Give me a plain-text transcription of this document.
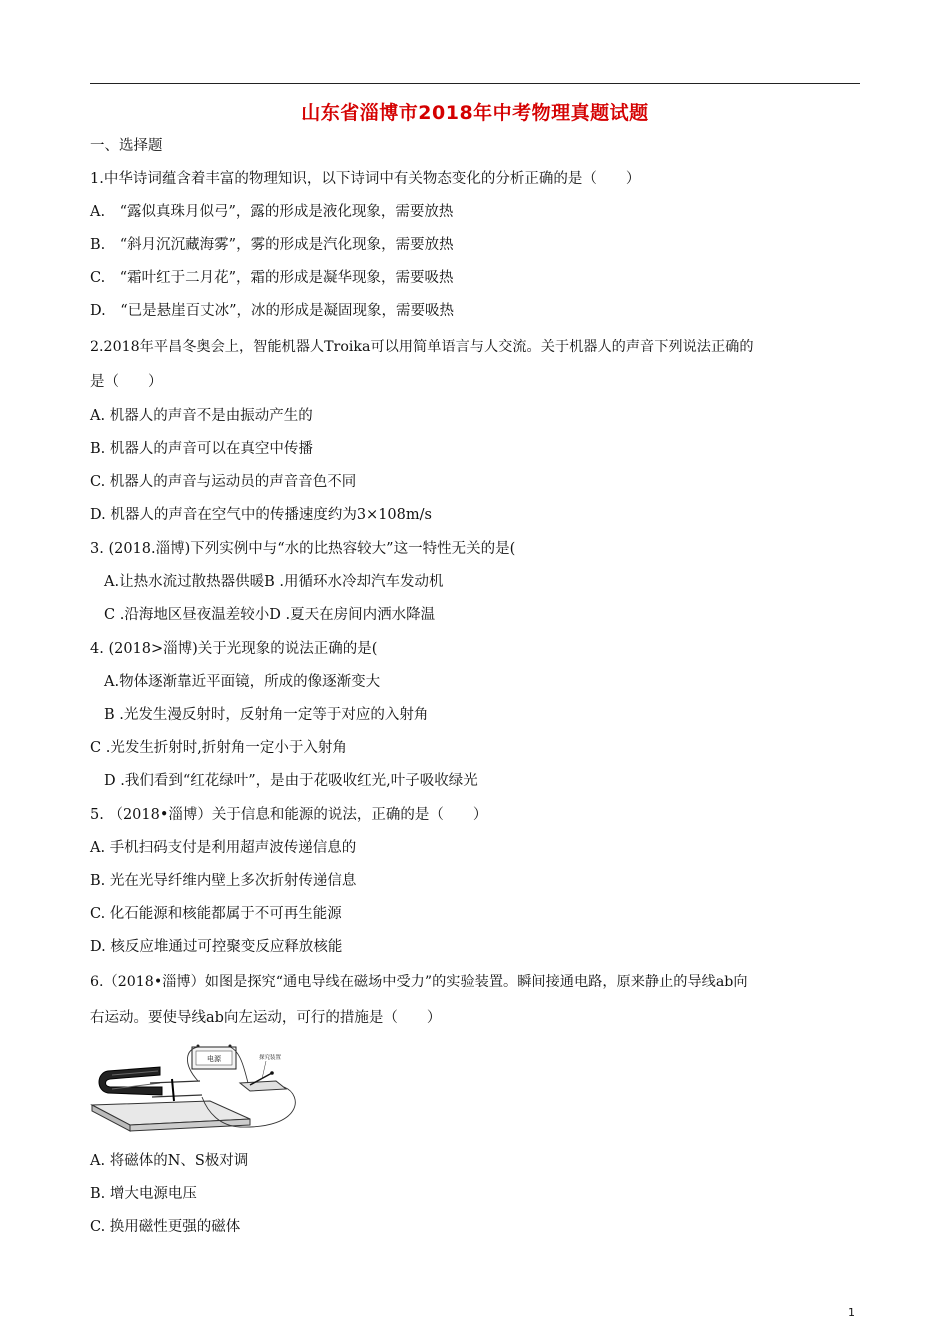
山东省淄博市2018年中考物理真题试题
一、选择题
1.中华诗词蕴含着丰富的物理知识，以下诗词中有关物态变化的分析正确的是（　　）
A.　“露似真珠月似弓”，露的形成是液化现象，需要放热
B.　“斜月沉沉藏海雾”，雾的形成是汽化现象，需要放热
C.　“霜叶红于二月花”，霜的形成是凝华现象，需要吸热
D.　“已是悬崖百丈冰”，冰的形成是凝固现象，需要吸热
2.2018年平昌冬奥会上，智能机器人Troika可以用简单语言与人交流。关于机器人的声音下列说法正确的
是（　　）
A. 机器人的声音不是由振动产生的
B. 机器人的声音可以在真空中传播
C. 机器人的声音与运动员的声音音色不同
D. 机器人的声音在空气中的传播速度约为3×108m/s
3. (2018.淄博)下列实例中与“水的比热容较大”这一特性无关的是(
A.让热水流过散热器供暖B .用循环水冷却汽车发动机
C .沿海地区昼夜温差较小D .夏天在房间内洒水降温
4. (2018>淄博)关于光现象的说法正确的是(
A.物体逐渐靠近平面镜，所成的像逐渐变大
B .光发生漫反射时，反射角一定等于对应的入射角
C .光发生折射时,折射角一定小于入射角
D .我们看到“红花绿叶”，是由于花吸收红光,叶子吸收绿光
5. （2018•淄博）关于信息和能源的说法，正确的是（　　）
A. 手机扫码支付是利用超声波传递信息的
B. 光在光导纤维内壁上多次折射传递信息
C. 化石能源和核能都属于不可再生能源
D. 核反应堆通过可控聚变反应释放核能
6.（2018•淄博）如图是探究“通电导线在磁场中受力”的实验装置。瞬间接通电路，原来静止的导线ab向
右运动。要使导线ab向左运动，可行的措施是（　　）
电源	探究装置
A. 将磁体的N、S极对调
B. 增大电源电压
C. 换用磁性更强的磁体
1
